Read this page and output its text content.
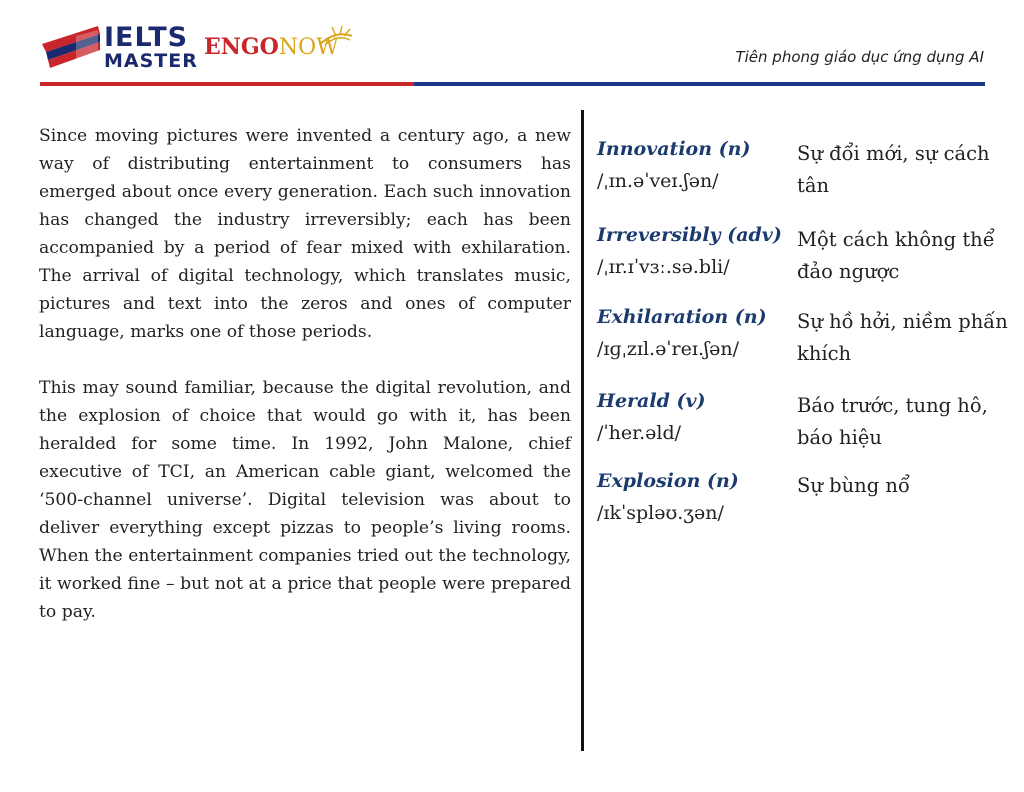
IELTS
MASTER
ENGONOW	Tiên phong giáo dục ứng dụng AI

Since moving pictures were invented a century ago, a new way of distributing entertainment to consumers has emerged about once every generation. Each such innovation has changed the industry irreversibly; each has been accompanied by a period of fear mixed with exhilaration. The arrival of digital technology, which translates music, pictures and text into the zeros and ones of computer language, marks one of those periods.

This may sound familiar, because the digital revolution, and the explosion of choice that would go with it, has been heralded for some time. In 1992, John Malone, chief executive of TCI, an American cable giant, welcomed the ‘500-channel universe’. Digital television was about to deliver everything except pizzas to people’s living rooms. When the entertainment companies tried out the technology, it worked fine – but not at a price that people were prepared to pay.

Innovation (n)
/ˌɪn.əˈveɪ.ʃən/
Sự đổi mới, sự cách tân
Irreversibly (adv)
/ˌɪr.ɪˈvɜː.sə.bli/
Một cách không thể đảo ngược
Exhilaration (n)
/ɪɡˌzɪl.əˈreɪ.ʃən/
Sự hồ hởi, niềm phấn khích
Herald (v)
/ˈher.əld/
Báo trước, tung hô, báo hiệu
Explosion (n)
/ɪkˈspləʊ.ʒən/
Sự bùng nổ
